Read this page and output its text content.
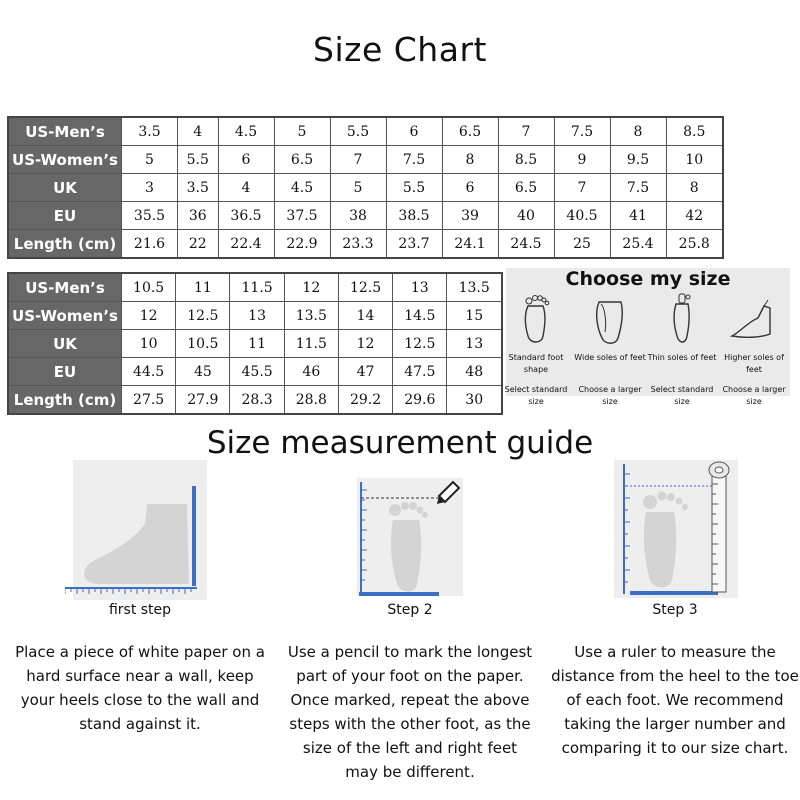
Size Chart
US-Men’s	3.5	4	4.5	5	5.5	6	6.5	7	7.5	8	8.5
US-Women’s	5	5.5	6	6.5	7	7.5	8	8.5	9	9.5	10
UK	3	3.5	4	4.5	5	5.5	6	6.5	7	7.5	8
EU	35.5	36	36.5	37.5	38	38.5	39	40	40.5	41	42
Length (cm)	21.6	22	22.4	22.9	23.3	23.7	24.1	24.5	25	25.4	25.8
US-Men’s	10.5	11	11.5	12	12.5	13	13.5
US-Women’s	12	12.5	13	13.5	14	14.5	15
UK	10	10.5	11	11.5	12	12.5	13
EU	44.5	45	45.5	46	47	47.5	48
Length (cm)	27.5	27.9	28.3	28.8	29.2	29.6	30
Choose my size
Standard foot shape
Select standard size
Wide soles of feet
Choose a larger size
Thin soles of feet
Select standard size
Higher soles of feet
Choose a larger size
Size measurement guide
first step
Place a piece of white paper on a hard surface near a wall, keep your heels close to the wall and stand against it.
Step 2
Use a pencil to mark the longest part of your foot on the paper. Once marked, repeat the above steps with the other foot, as the size of the left and right feet may be different.
Step 3
Use a ruler to measure the distance from the heel to the toe of each foot. We recommend taking the larger number and comparing it to our size chart.
